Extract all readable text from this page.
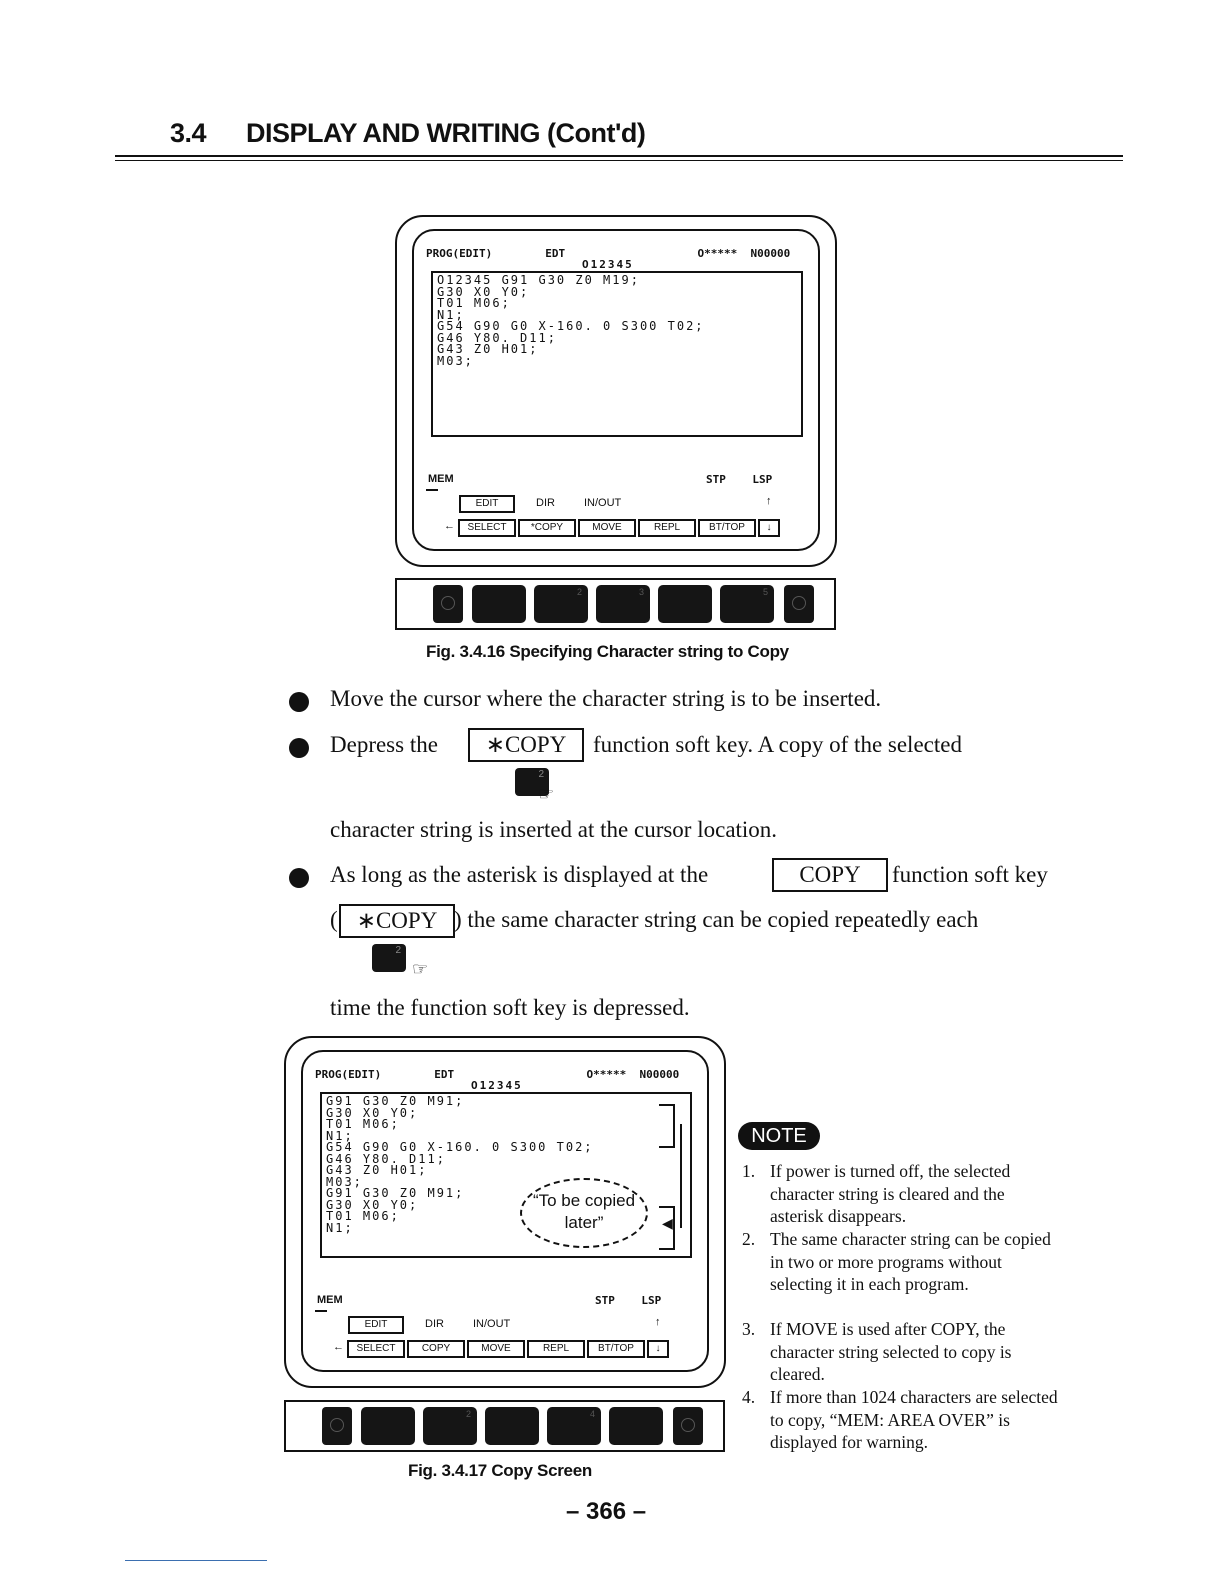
3.4 DISPLAY AND WRITING (Cont'd)
PROG(EDIT)        EDT                    O*****  N00000
O12345
O12345 G91 G30 Z0 M19;
G30 X0 Y0;
T01 M06;
N1;
G54 G90 G0 X-160. 0 S300 T02;
G46 Y80. D11;
G43 Z0 H01;
M03;
MEM	STP    LSP
EDIT	DIR	IN/OUT	↑
←	SELECT	*COPY	MOVE	REPL	BT/TOP	↓
2	3	5
Fig. 3.4.16 Specifying Character string to Copy
Move the cursor where the character string is to be inserted.
Depress the	∗COPY	function soft key. A copy of the selected
2
☞
character string is inserted at the cursor location.
As long as the asterisk is displayed at the	COPY	function soft key
( ∗COPY ) the same character string can be copied repeatedly each
2
☞
time the function soft key is depressed.
PROG(EDIT)        EDT                    O*****  N00000
O12345
G91 G30 Z0 M91;
G30 X0 Y0;
T01 M06;
N1;
G54 G90 G0 X-160. 0 S300 T02;
G46 Y80. D11;
G43 Z0 H01;
M03;
G91 G30 Z0 M91;
G30 X0 Y0;
T01 M06;
N1;	◀
“To be copied later”
MEM	STP    LSP
EDIT	DIR	IN/OUT	↑
←	SELECT	COPY	MOVE	REPL	BT/TOP	↓
2	4
Fig. 3.4.17 Copy Screen
NOTE
1. If power is turned off, the selected character string is cleared and the asterisk disappears.
2. The same character string can be copied in two or more programs without selecting it in each program.
3. If MOVE is used after COPY, the character string selected to copy is cleared.
4. If more than 1024 characters are selected to copy, “MEM: AREA OVER” is displayed for warning.
– 366 –
